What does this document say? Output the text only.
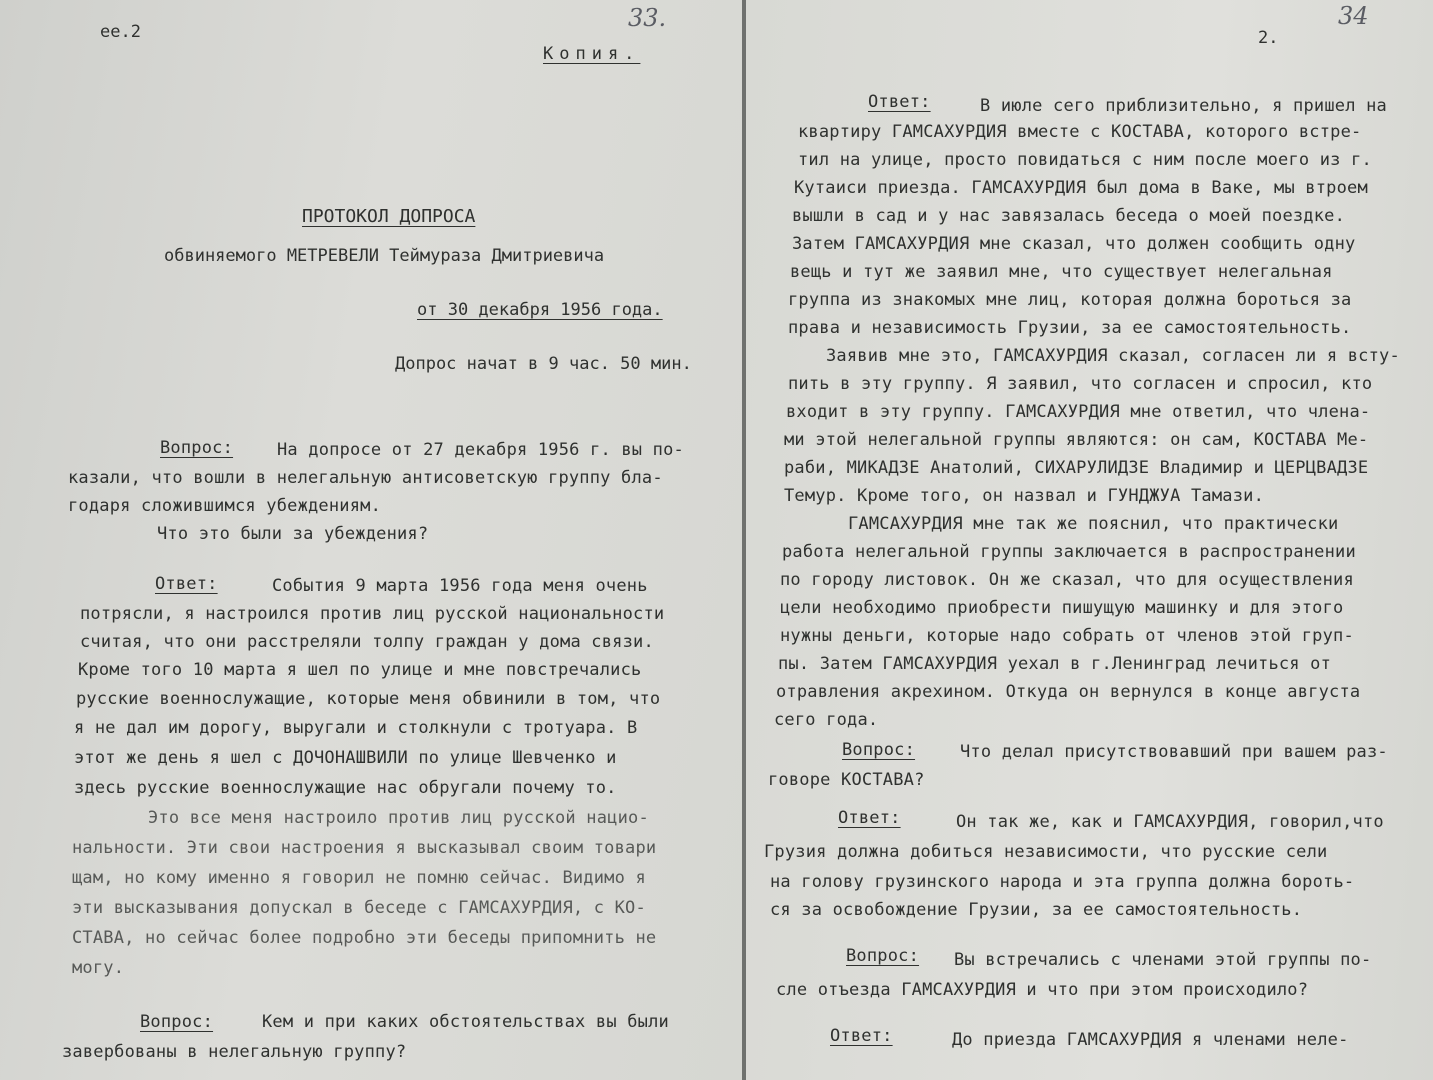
ее.2	33.
Копия.
ПРОТОКОЛ ДОПРОСА
обвиняемого МЕТРЕВЕЛИ Теймураза Дмитриевича
от 30 декабря 1956 года.
Допрос начат в 9 час. 50 мин.
Вопрос:	На допросе от 27 декабря 1956 г. вы по-
казали, что вошли в нелегальную антисоветскую группу бла-
годаря сложившимся убеждениям.
Что это были за убеждения?
Ответ:	События 9 марта 1956 года меня очень
потрясли, я настроился против лиц русской национальности
считая, что они расстреляли толпу граждан у дома связи.
Кроме того 10 марта я шел по улице и мне повстречались
русские военнослужащие, которые меня обвинили в том, что
я не дал им дорогу, выругали и столкнули с тротуара. В
этот же день я шел с ДОЧОНАШВИЛИ по улице Шевченко и
здесь русские военнослужащие нас обругали почему то.
Это все меня настроило против лиц русской нацио-
нальности. Эти свои настроения я высказывал своим товари
щам, но кому именно я говорил не помню сейчас. Видимо я
эти высказывания допускал в беседе с ГАМСАХУРДИЯ, с КО-
СТАВА, но сейчас более подробно эти беседы припомнить не
могу.
Вопрос:	Кем и при каких обстоятельствах вы были
завербованы в нелегальную группу?
2.
34
Ответ:	В июле сего приблизительно, я пришел на
квартиру ГАМСАХУРДИЯ вместе с КОСТАВА, которого встре-
тил на улице, просто повидаться с ним после моего из г.
Кутаиси приезда. ГАМСАХУРДИЯ был дома в Ваке, мы втроем
вышли в сад и у нас завязалась беседа о моей поездке.
Затем ГАМСАХУРДИЯ мне сказал, что должен сообщить одну
вещь и тут же заявил мне, что существует нелегальная
группа из знакомых мне лиц, которая должна бороться за
права и независимость Грузии, за ее самостоятельность.
Заявив мне это, ГАМСАХУРДИЯ сказал, согласен ли я всту-
пить в эту группу. Я заявил, что согласен и спросил, кто
входит в эту группу. ГАМСАХУРДИЯ мне ответил, что члена-
ми этой нелегальной группы являются: он сам, КОСТАВА Ме-
раби, МИКАДЗЕ Анатолий, СИХАРУЛИДЗЕ Владимир и ЦЕРЦВАДЗЕ
Темур. Кроме того, он назвал и ГУНДЖУА Тамази.
ГАМСАХУРДИЯ мне так же пояснил, что практически
работа нелегальной группы заключается в распространении
по городу листовок. Он же сказал, что для осуществления
цели необходимо приобрести пишущую машинку и для этого
нужны деньги, которые надо собрать от членов этой груп-
пы. Затем ГАМСАХУРДИЯ уехал в г.Ленинград лечиться от
отравления акрехином. Откуда он вернулся в конце августа
сего года.
Вопрос:	Что делал присутствовавший при вашем раз-
говоре КОСТАВА?
Ответ:	Он так же, как и ГАМСАХУРДИЯ, говорил,что
Грузия должна добиться независимости, что русские сели
на голову грузинского народа и эта группа должна бороть-
ся за освобождение Грузии, за ее самостоятельность.
Вопрос: Вы встречались с членами этой группы по-
сле отъезда ГАМСАХУРДИЯ и что при этом происходило?
Ответ:	До приезда ГАМСАХУРДИЯ я членами неле-
